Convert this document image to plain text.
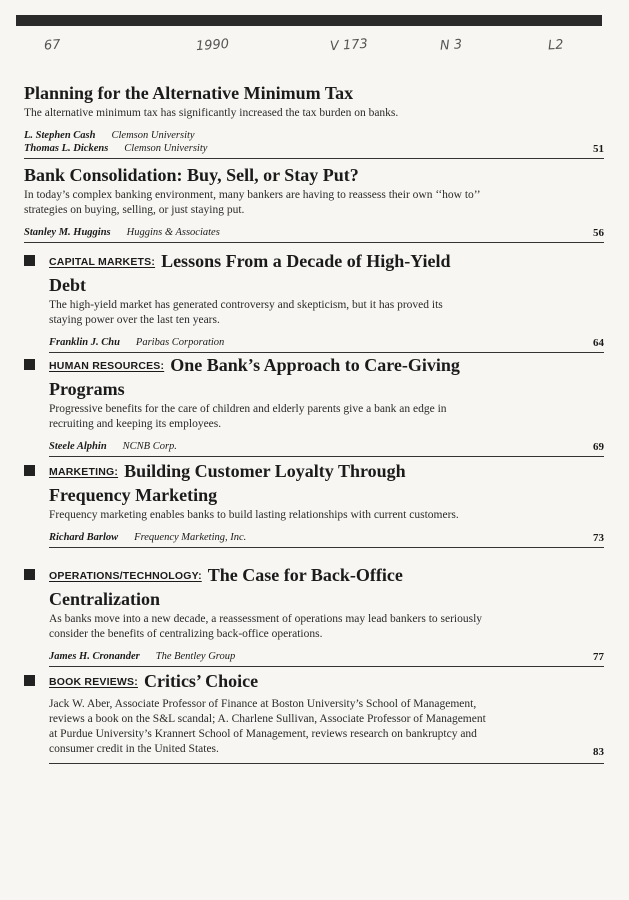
67	1990	V 173	N 3	L2
Planning for the Alternative Minimum Tax
The alternative minimum tax has significantly increased the tax burden on banks.
L. Stephen Cash Clemson University
Thomas L. Dickens Clemson University	51
Bank Consolidation: Buy, Sell, or Stay Put?
In today’s complex banking environment, many bankers are having to reassess their own ‘‘how to’’ strategies on buying, selling, or just staying put.
Stanley M. Huggins Huggins & Associates	56
CAPITAL MARKETS: Lessons From a Decade of High-Yield Debt
The high-yield market has generated controversy and skepticism, but it has proved its staying power over the last ten years.
Franklin J. Chu Paribas Corporation	64
HUMAN RESOURCES: One Bank’s Approach to Care-Giving Programs
Progressive benefits for the care of children and elderly parents give a bank an edge in recruiting and keeping its employees.
Steele Alphin NCNB Corp.	69
MARKETING: Building Customer Loyalty Through Frequency Marketing
Frequency marketing enables banks to build lasting relationships with current customers.
Richard Barlow Frequency Marketing, Inc.	73
OPERATIONS/TECHNOLOGY: The Case for Back-Office Centralization
As banks move into a new decade, a reassessment of operations may lead bankers to seriously consider the benefits of centralizing back-office operations.
James H. Cronander The Bentley Group	77
BOOK REVIEWS: Critics’ Choice
Jack W. Aber, Associate Professor of Finance at Boston University’s School of Management, reviews a book on the S&L scandal; A. Charlene Sullivan, Associate Professor of Management at Purdue University’s Krannert School of Management, reviews research on bankruptcy and consumer credit in the United States.	83
